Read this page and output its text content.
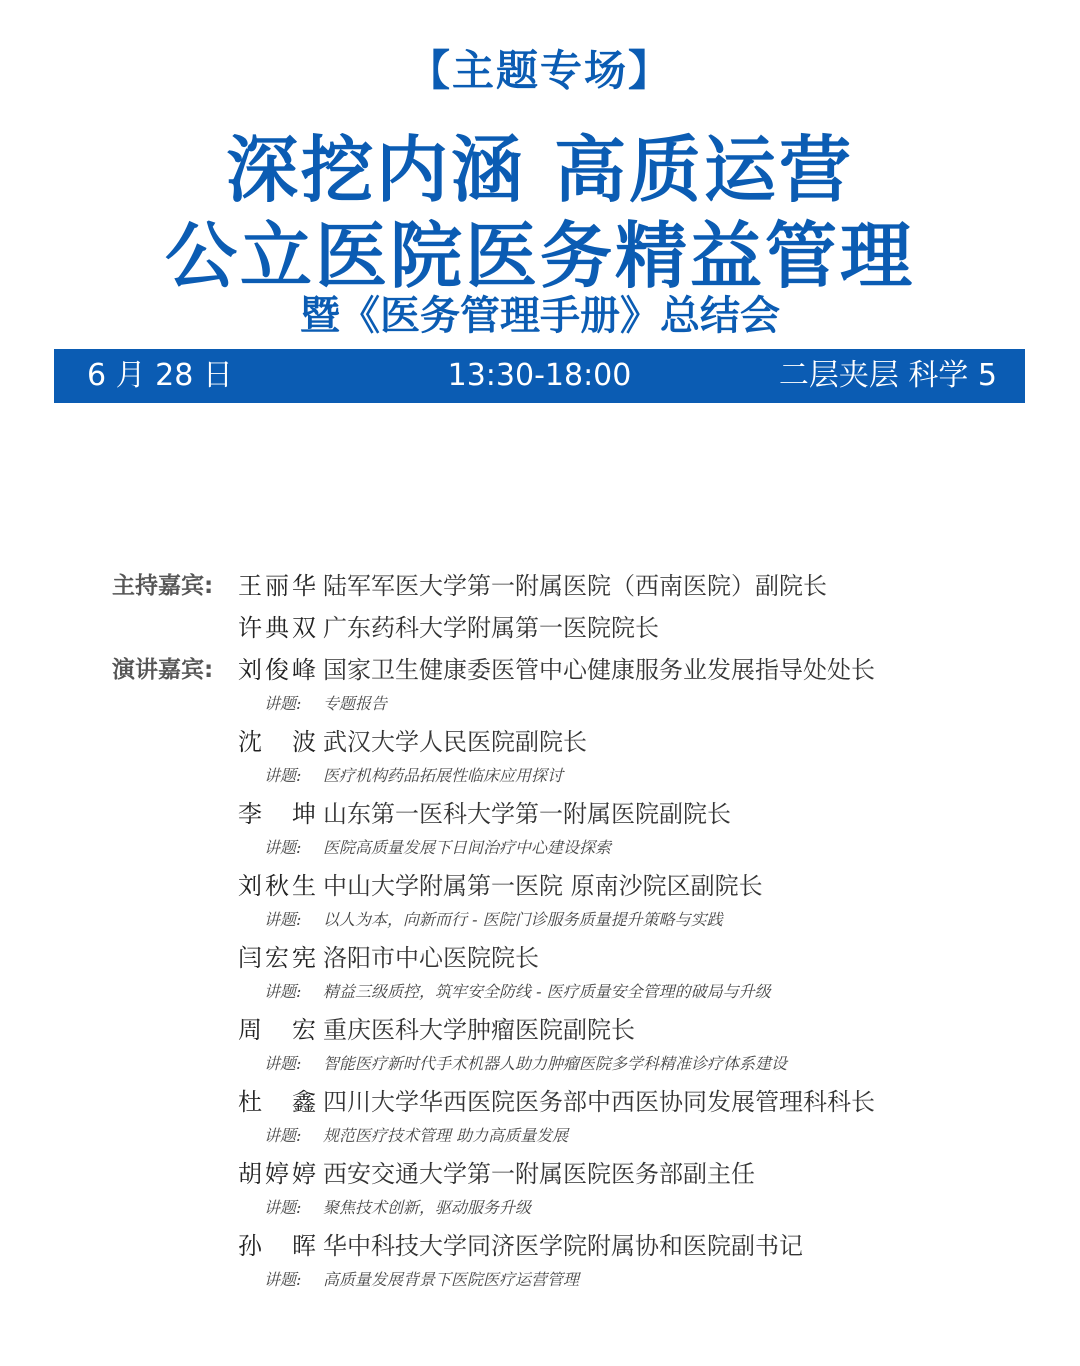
【主题专场】
深挖内涵 高质运营
公立医院医务精益管理
暨《医务管理手册》总结会
6 月 28 日	13:30-18:00	二层夹层 科学 5
主持嘉宾:	王丽华 陆军军医大学第一附属医院（西南医院）副院长
许典双 广东药科大学附属第一医院院长
演讲嘉宾:	刘俊峰 国家卫生健康委医管中心健康服务业发展指导处处长
讲题: 专题报告
沈波 武汉大学人民医院副院长
讲题: 医疗机构药品拓展性临床应用探讨
李坤 山东第一医科大学第一附属医院副院长
讲题: 医院高质量发展下日间治疗中心建设探索
刘秋生 中山大学附属第一医院 原南沙院区副院长
讲题: 以人为本，向新而行 - 医院门诊服务质量提升策略与实践
闫宏宪 洛阳市中心医院院长
讲题: 精益三级质控，筑牢安全防线 - 医疗质量安全管理的破局与升级
周宏 重庆医科大学肿瘤医院副院长
讲题: 智能医疗新时代手术机器人助力肿瘤医院多学科精准诊疗体系建设
杜鑫 四川大学华西医院医务部中西医协同发展管理科科长
讲题: 规范医疗技术管理 助力高质量发展
胡婷婷 西安交通大学第一附属医院医务部副主任
讲题: 聚焦技术创新，驱动服务升级
孙晖 华中科技大学同济医学院附属协和医院副书记
讲题: 高质量发展背景下医院医疗运营管理
